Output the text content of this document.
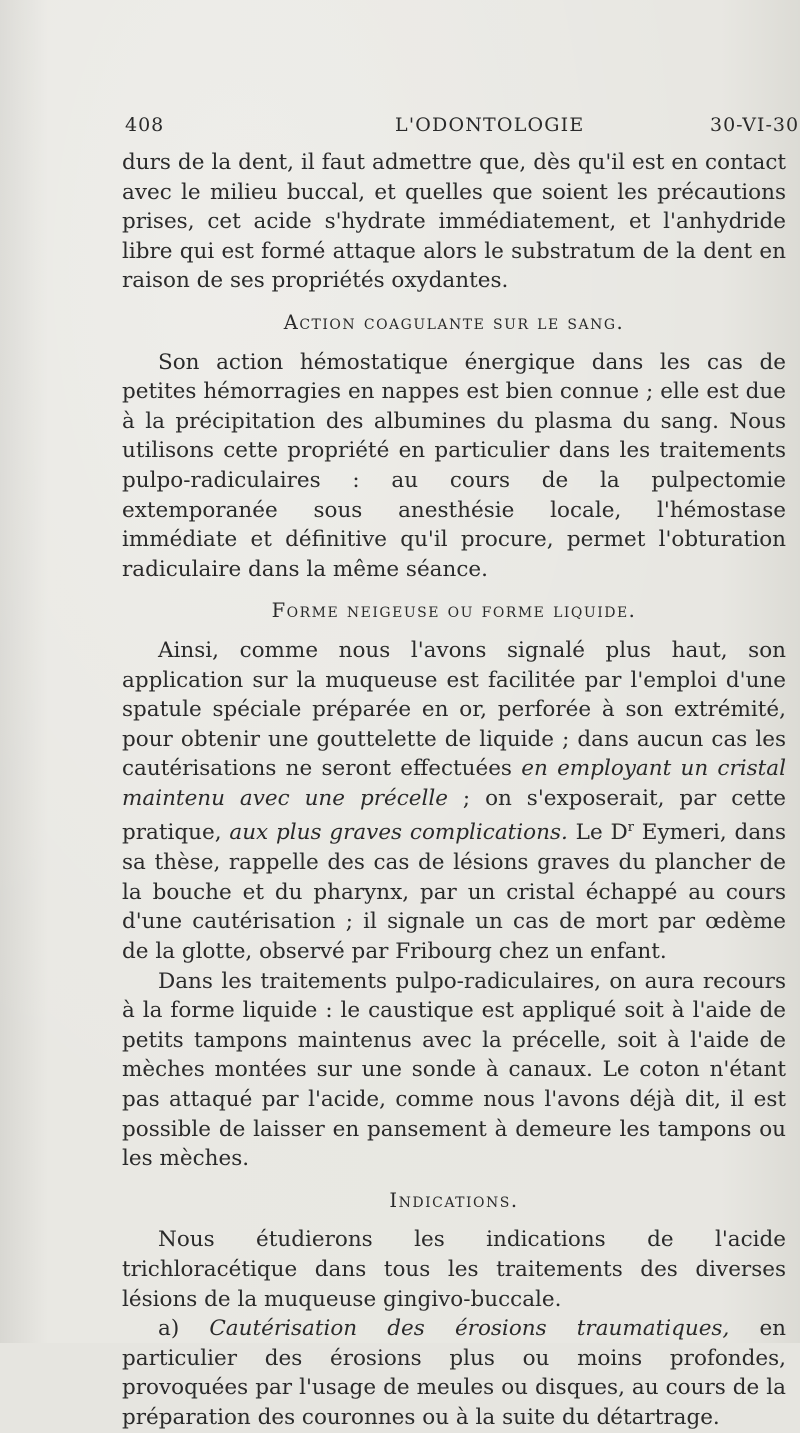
408	L'ODONTOLOGIE	30-VI-30

durs de la dent, il faut admettre que, dès qu'il est en contact avec le milieu buccal, et quelles que soient les précautions prises, cet acide s'hydrate immédiatement, et l'anhydride libre qui est formé attaque alors le substratum de la dent en raison de ses propriétés oxydantes.

Action coagulante sur le sang.

Son action hémostatique énergique dans les cas de petites hémorragies en nappes est bien connue ; elle est due à la précipitation des albumines du plasma du sang. Nous utilisons cette propriété en particulier dans les traitements pulpo-radiculaires : au cours de la pulpectomie extemporanée sous anesthésie locale, l'hémostase immédiate et définitive qu'il procure, permet l'obturation radiculaire dans la même séance.

Forme neigeuse ou forme liquide.

Ainsi, comme nous l'avons signalé plus haut, son application sur la muqueuse est facilitée par l'emploi d'une spatule spéciale préparée en or, perforée à son extrémité, pour obtenir une gouttelette de liquide ; dans aucun cas les cautérisations ne seront effectuées en employant un cristal maintenu avec une précelle ; on s'exposerait, par cette pratique, aux plus graves complications. Le $D^r$ Eymeri, dans sa thèse, rappelle des cas de lésions graves du plancher de la bouche et du pharynx, par un cristal échappé au cours d'une cautérisation ; il signale un cas de mort par œdème de la glotte, observé par Fribourg chez un enfant.

Dans les traitements pulpo-radiculaires, on aura recours à la forme liquide : le caustique est appliqué soit à l'aide de petits tampons maintenus avec la précelle, soit à l'aide de mèches montées sur une sonde à canaux. Le coton n'étant pas attaqué par l'acide, comme nous l'avons déjà dit, il est possible de laisser en pansement à demeure les tampons ou les mèches.

Indications.

Nous étudierons les indications de l'acide trichloracétique dans tous les traitements des diverses lésions de la muqueuse gingivo-buccale.

a) Cautérisation des érosions traumatiques, en particulier des érosions plus ou moins profondes, provoquées par l'usage de meules ou disques, au cours de la préparation des couronnes ou à la suite du détartrage.
